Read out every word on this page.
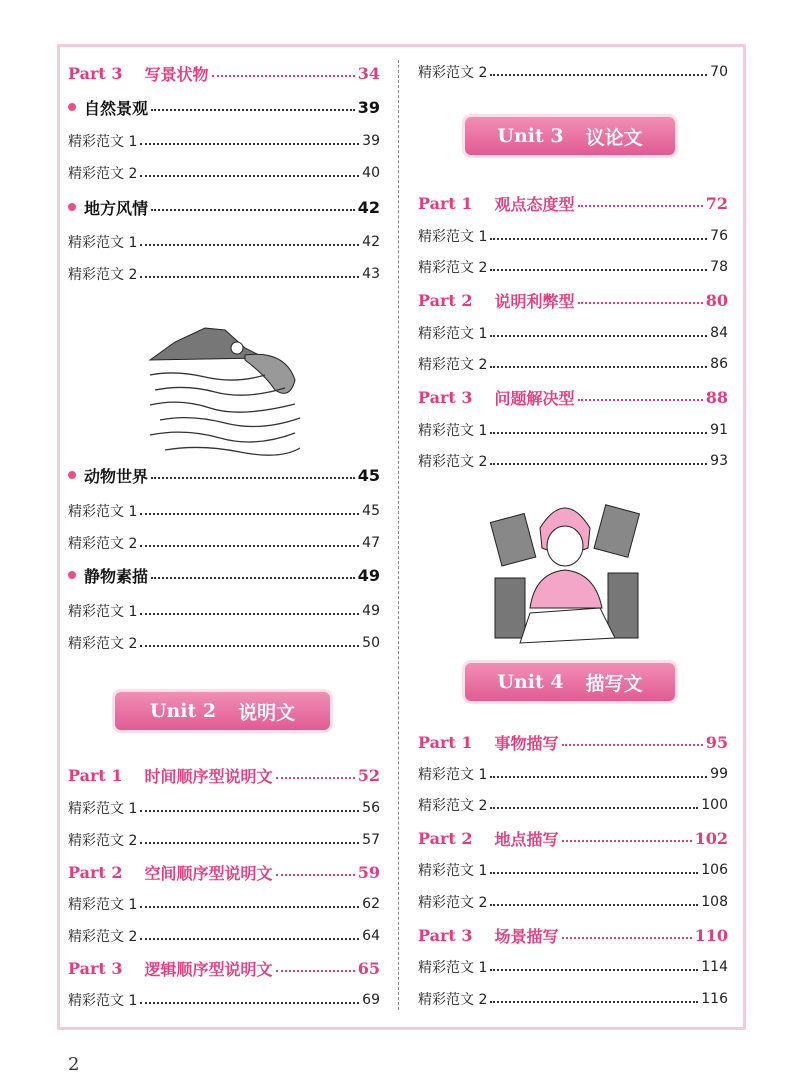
Unit 2 说明文
Unit 3 议论文
Unit 4 描写文
2
Part 3 写景状物	34
自然景观	39
精彩范文 1	39
精彩范文 2	40
地方风情	42
精彩范文 1	42
精彩范文 2	43
动物世界	45
精彩范文 1	45
精彩范文 2	47
静物素描	49
精彩范文 1	49
精彩范文 2	50
Part 1 时间顺序型说明文	52
精彩范文 1	56
精彩范文 2	57
Part 2 空间顺序型说明文	59
精彩范文 1	62
精彩范文 2	64
Part 3 逻辑顺序型说明文	65
精彩范文 1	69
精彩范文 2	70
Part 1 观点态度型	72
精彩范文 1	76
精彩范文 2	78
Part 2 说明利弊型	80
精彩范文 1	84
精彩范文 2	86
Part 3 问题解决型	88
精彩范文 1	91
精彩范文 2	93
Part 1 事物描写	95
精彩范文 1	99
精彩范文 2	100
Part 2 地点描写	102
精彩范文 1	106
精彩范文 2	108
Part 3 场景描写	110
精彩范文 1	114
精彩范文 2	116
